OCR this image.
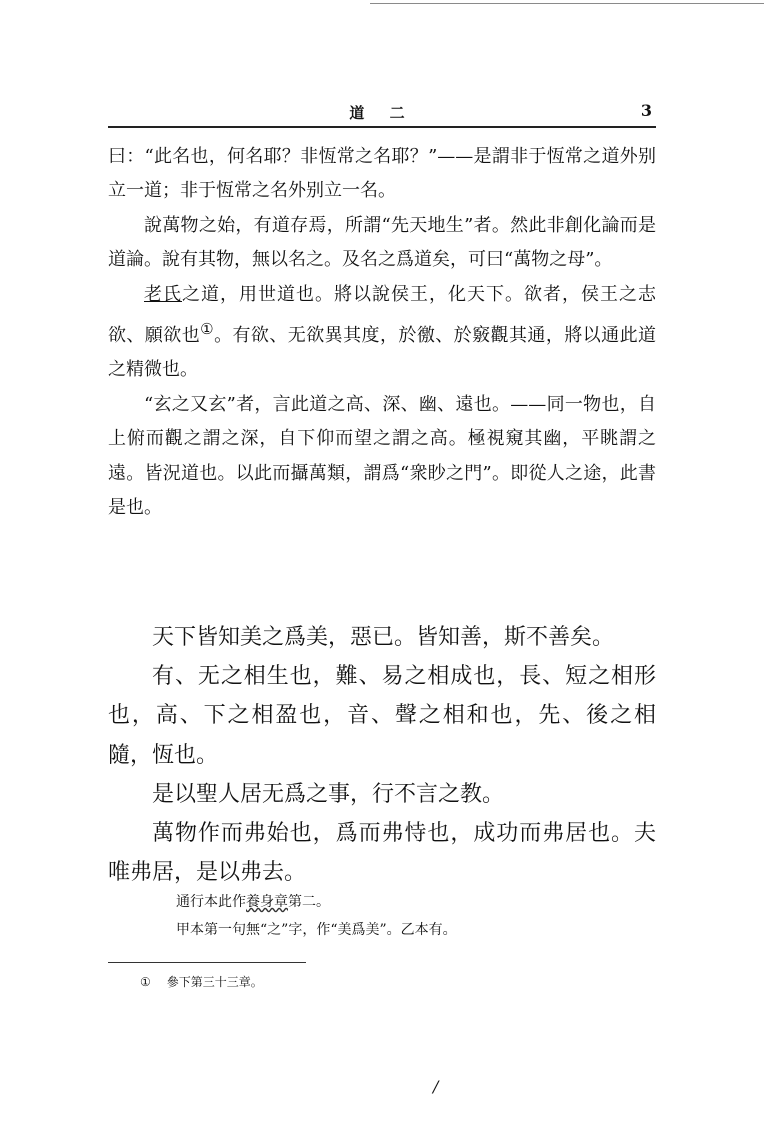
道 二	3

曰：“此名也，何名耶？非恆常之名耶？”——是謂非于恆常之道外别立一道；非于恆常之名外别立一名。

說萬物之始，有道存焉，所謂“先天地生”者。然此非創化論而是道論。說有其物，無以名之。及名之爲道矣，可曰“萬物之母”。

老氏之道，用世道也。將以說侯王，化天下。欲者，侯王之志欲、願欲也①。有欲、无欲異其度，於徼、於竅觀其通，將以通此道之精微也。

“玄之又玄”者，言此道之高、深、幽、遠也。——同一物也，自上俯而觀之謂之深，自下仰而望之謂之高。極視窺其幽，平眺謂之遠。皆況道也。以此而攝萬類，謂爲“衆眇之門”。即從人之途，此書是也。

天下皆知美之爲美，惡已。皆知善，斯不善矣。

有、无之相生也，難、易之相成也，長、短之相形也，高、下之相盈也，音、聲之相和也，先、後之相隨，恆也。

是以聖人居无爲之事，行不言之教。

萬物作而弗始也，爲而弗恃也，成功而弗居也。夫唯弗居，是以弗去。

通行本此作養身章第二。

甲本第一句無“之”字，作“美爲美”。乙本有。

① 參下第三十三章。
/
